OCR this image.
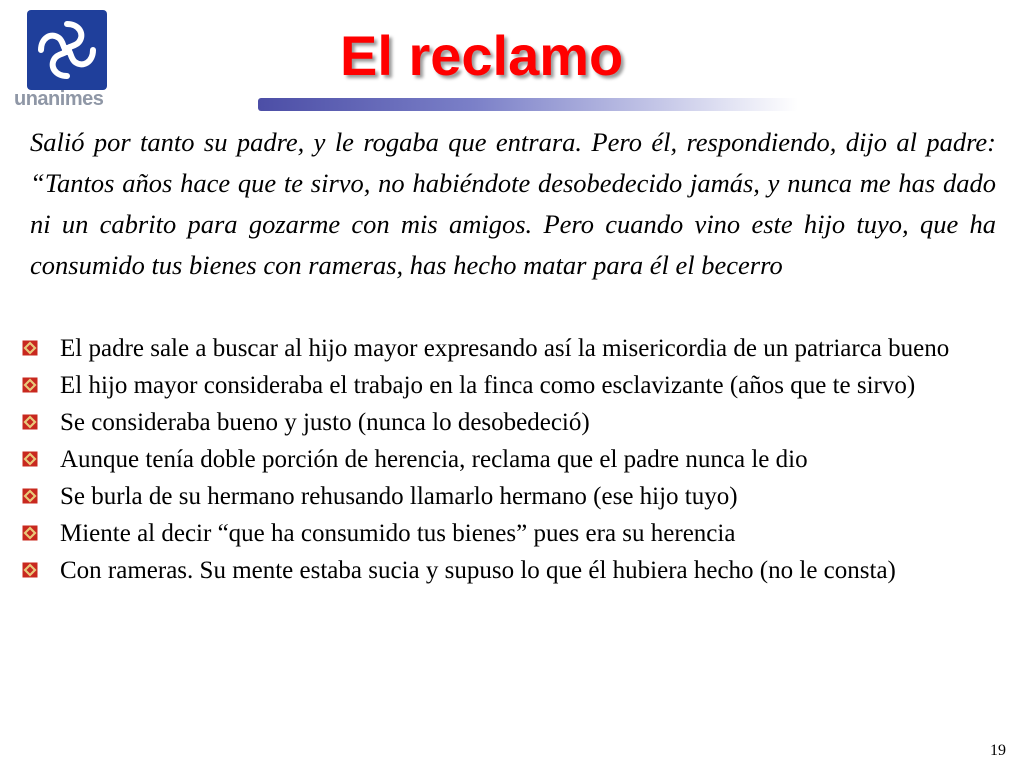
unanimes
El reclamo

Salió por tanto su padre, y le rogaba que entrara. Pero él, respondiendo, dijo al padre: “Tantos años hace que te sirvo, no habiéndote desobedecido jamás, y nunca me has dado ni un cabrito para gozarme con mis amigos. Pero cuando vino este hijo tuyo, que ha consumido tus bienes con rameras, has hecho matar para él el becerro

El padre sale a buscar al hijo mayor expresando así la misericordia de un patriarca bueno
El hijo mayor consideraba el trabajo en la finca como esclavizante (años que te sirvo)
Se consideraba bueno y justo (nunca lo desobedeció)
Aunque tenía doble porción de herencia, reclama que el padre nunca le dio
Se burla de su hermano rehusando llamarlo hermano (ese hijo tuyo)
Miente al decir “que ha consumido tus bienes” pues era su herencia
Con rameras. Su mente estaba sucia y supuso lo que él hubiera hecho (no le consta)
19
